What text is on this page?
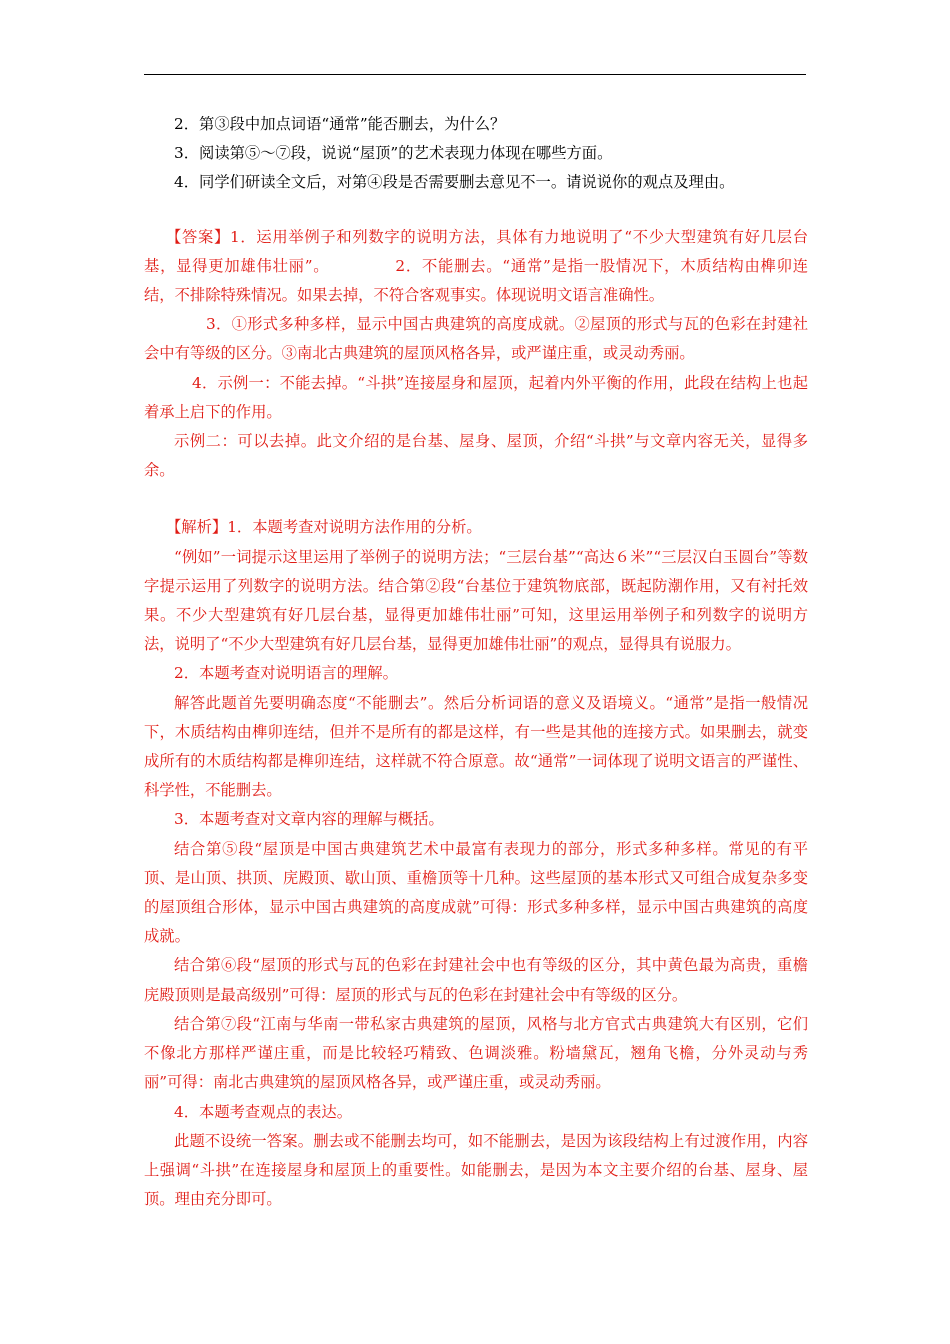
2．第③段中加点词语“通常”能否删去，为什么？

3．阅读第⑤～⑦段，说说“屋顶”的艺术表现力体现在哪些方面。

4．同学们研读全文后，对第④段是否需要删去意见不一。请说说你的观点及理由。

【答案】1．运用举例子和列数字的说明方法，具体有力地说明了“不少大型建筑有好几层台基，显得更加雄伟壮丽”。	2．不能删去。“通常”是指一股情况下，木质结构由榫卯连结，不排除特殊情况。如果去掉，不符合客观事实。体现说明文语言准确性。

3．①形式多种多样，显示中国古典建筑的高度成就。②屋顶的形式与瓦的色彩在封建社会中有等级的区分。③南北古典建筑的屋顶风格各异，或严谨庄重，或灵动秀丽。

4．示例一：不能去掉。“斗拱”连接屋身和屋顶，起着内外平衡的作用，此段在结构上也起着承上启下的作用。

示例二：可以去掉。此文介绍的是台基、屋身、屋顶，介绍“斗拱”与文章内容无关，显得多余。

【解析】1．本题考查对说明方法作用的分析。

“例如”一词提示这里运用了举例子的说明方法；“三层台基”“高达６米”“三层汉白玉圆台”等数字提示运用了列数字的说明方法。结合第②段“台基位于建筑物底部，既起防潮作用，又有衬托效果。不少大型建筑有好几层台基，显得更加雄伟壮丽”可知，这里运用举例子和列数字的说明方法，说明了“不少大型建筑有好几层台基，显得更加雄伟壮丽”的观点，显得具有说服力。

2．本题考查对说明语言的理解。

解答此题首先要明确态度“不能删去”。然后分析词语的意义及语境义。“通常”是指一般情况下，木质结构由榫卯连结，但并不是所有的都是这样，有一些是其他的连接方式。如果删去，就变成所有的木质结构都是榫卯连结，这样就不符合原意。故“通常”一词体现了说明文语言的严谨性、科学性，不能删去。

3．本题考查对文章内容的理解与概括。

结合第⑤段“屋顶是中国古典建筑艺术中最富有表现力的部分，形式多种多样。常见的有平顶、是山顶、拱顶、庑殿顶、歇山顶、重檐顶等十几种。这些屋顶的基本形式又可组合成复杂多变的屋顶组合形体，显示中国古典建筑的高度成就”可得：形式多种多样，显示中国古典建筑的高度成就。

结合第⑥段“屋顶的形式与瓦的色彩在封建社会中也有等级的区分，其中黄色最为高贵，重檐庑殿顶则是最高级别”可得：屋顶的形式与瓦的色彩在封建社会中有等级的区分。

结合第⑦段“江南与华南一带私家古典建筑的屋顶，风格与北方官式古典建筑大有区别，它们不像北方那样严谨庄重，而是比较轻巧精致、色调淡雅。粉墙黛瓦，翘角飞檐，分外灵动与秀丽”可得：南北古典建筑的屋顶风格各异，或严谨庄重，或灵动秀丽。

4．本题考查观点的表达。

此题不设统一答案。删去或不能删去均可，如不能删去，是因为该段结构上有过渡作用，内容上强调“斗拱”在连接屋身和屋顶上的重要性。如能删去，是因为本文主要介绍的台基、屋身、屋顶。理由充分即可。
